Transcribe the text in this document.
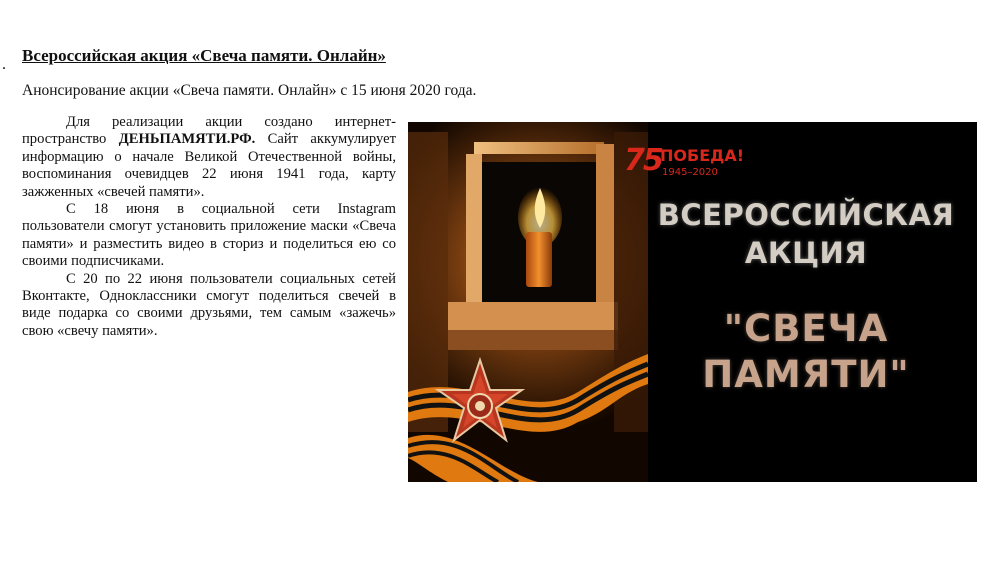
. Всероссийская акция «Свеча памяти. Онлайн»

Анонсирование акции «Свеча памяти. Онлайн» с 15 июня 2020 года.

Для реализации акции создано интернет-пространство ДЕНЬПАМЯТИ.РФ. Сайт аккумулирует информацию о начале Великой Отечественной войны, воспоминания очевидцев 22 июня 1941 года, карту зажженных «свечей памяти».

С 18 июня в социальной сети Instagram пользователи смогут установить приложение маски «Свеча памяти» и разместить видео в сториз и поделиться ею со своими подписчиками.

С 20 по 22 июня пользователи социальных сетей Вконтакте, Одноклассники смогут поделиться свечей в виде подарка со своими друзьями, тем самым «зажечь» свою «свечу памяти».

75
ПОБЕДА!
1945–2020
ВСЕРОССИЙСКАЯ
АКЦИЯ
"СВЕЧА
ПАМЯТИ"
